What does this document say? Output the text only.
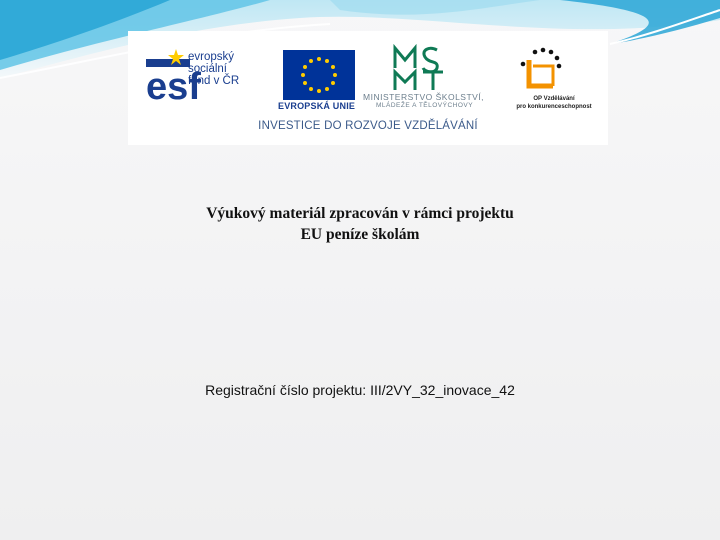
esf
evropský
sociální
fond v ČR
EVROPSKÁ UNIE
MINISTERSTVO ŠKOLSTVÍ,
MLÁDEŽE A TĚLOVÝCHOVY
OP Vzdělávání
pro konkurenceschopnost
INVESTICE DO ROZVOJE VZDĚLÁVÁNÍ
Výukový materiál zpracován v rámci projektu
EU peníze školám
Registrační číslo projektu: III/2VY_32_inovace_42
